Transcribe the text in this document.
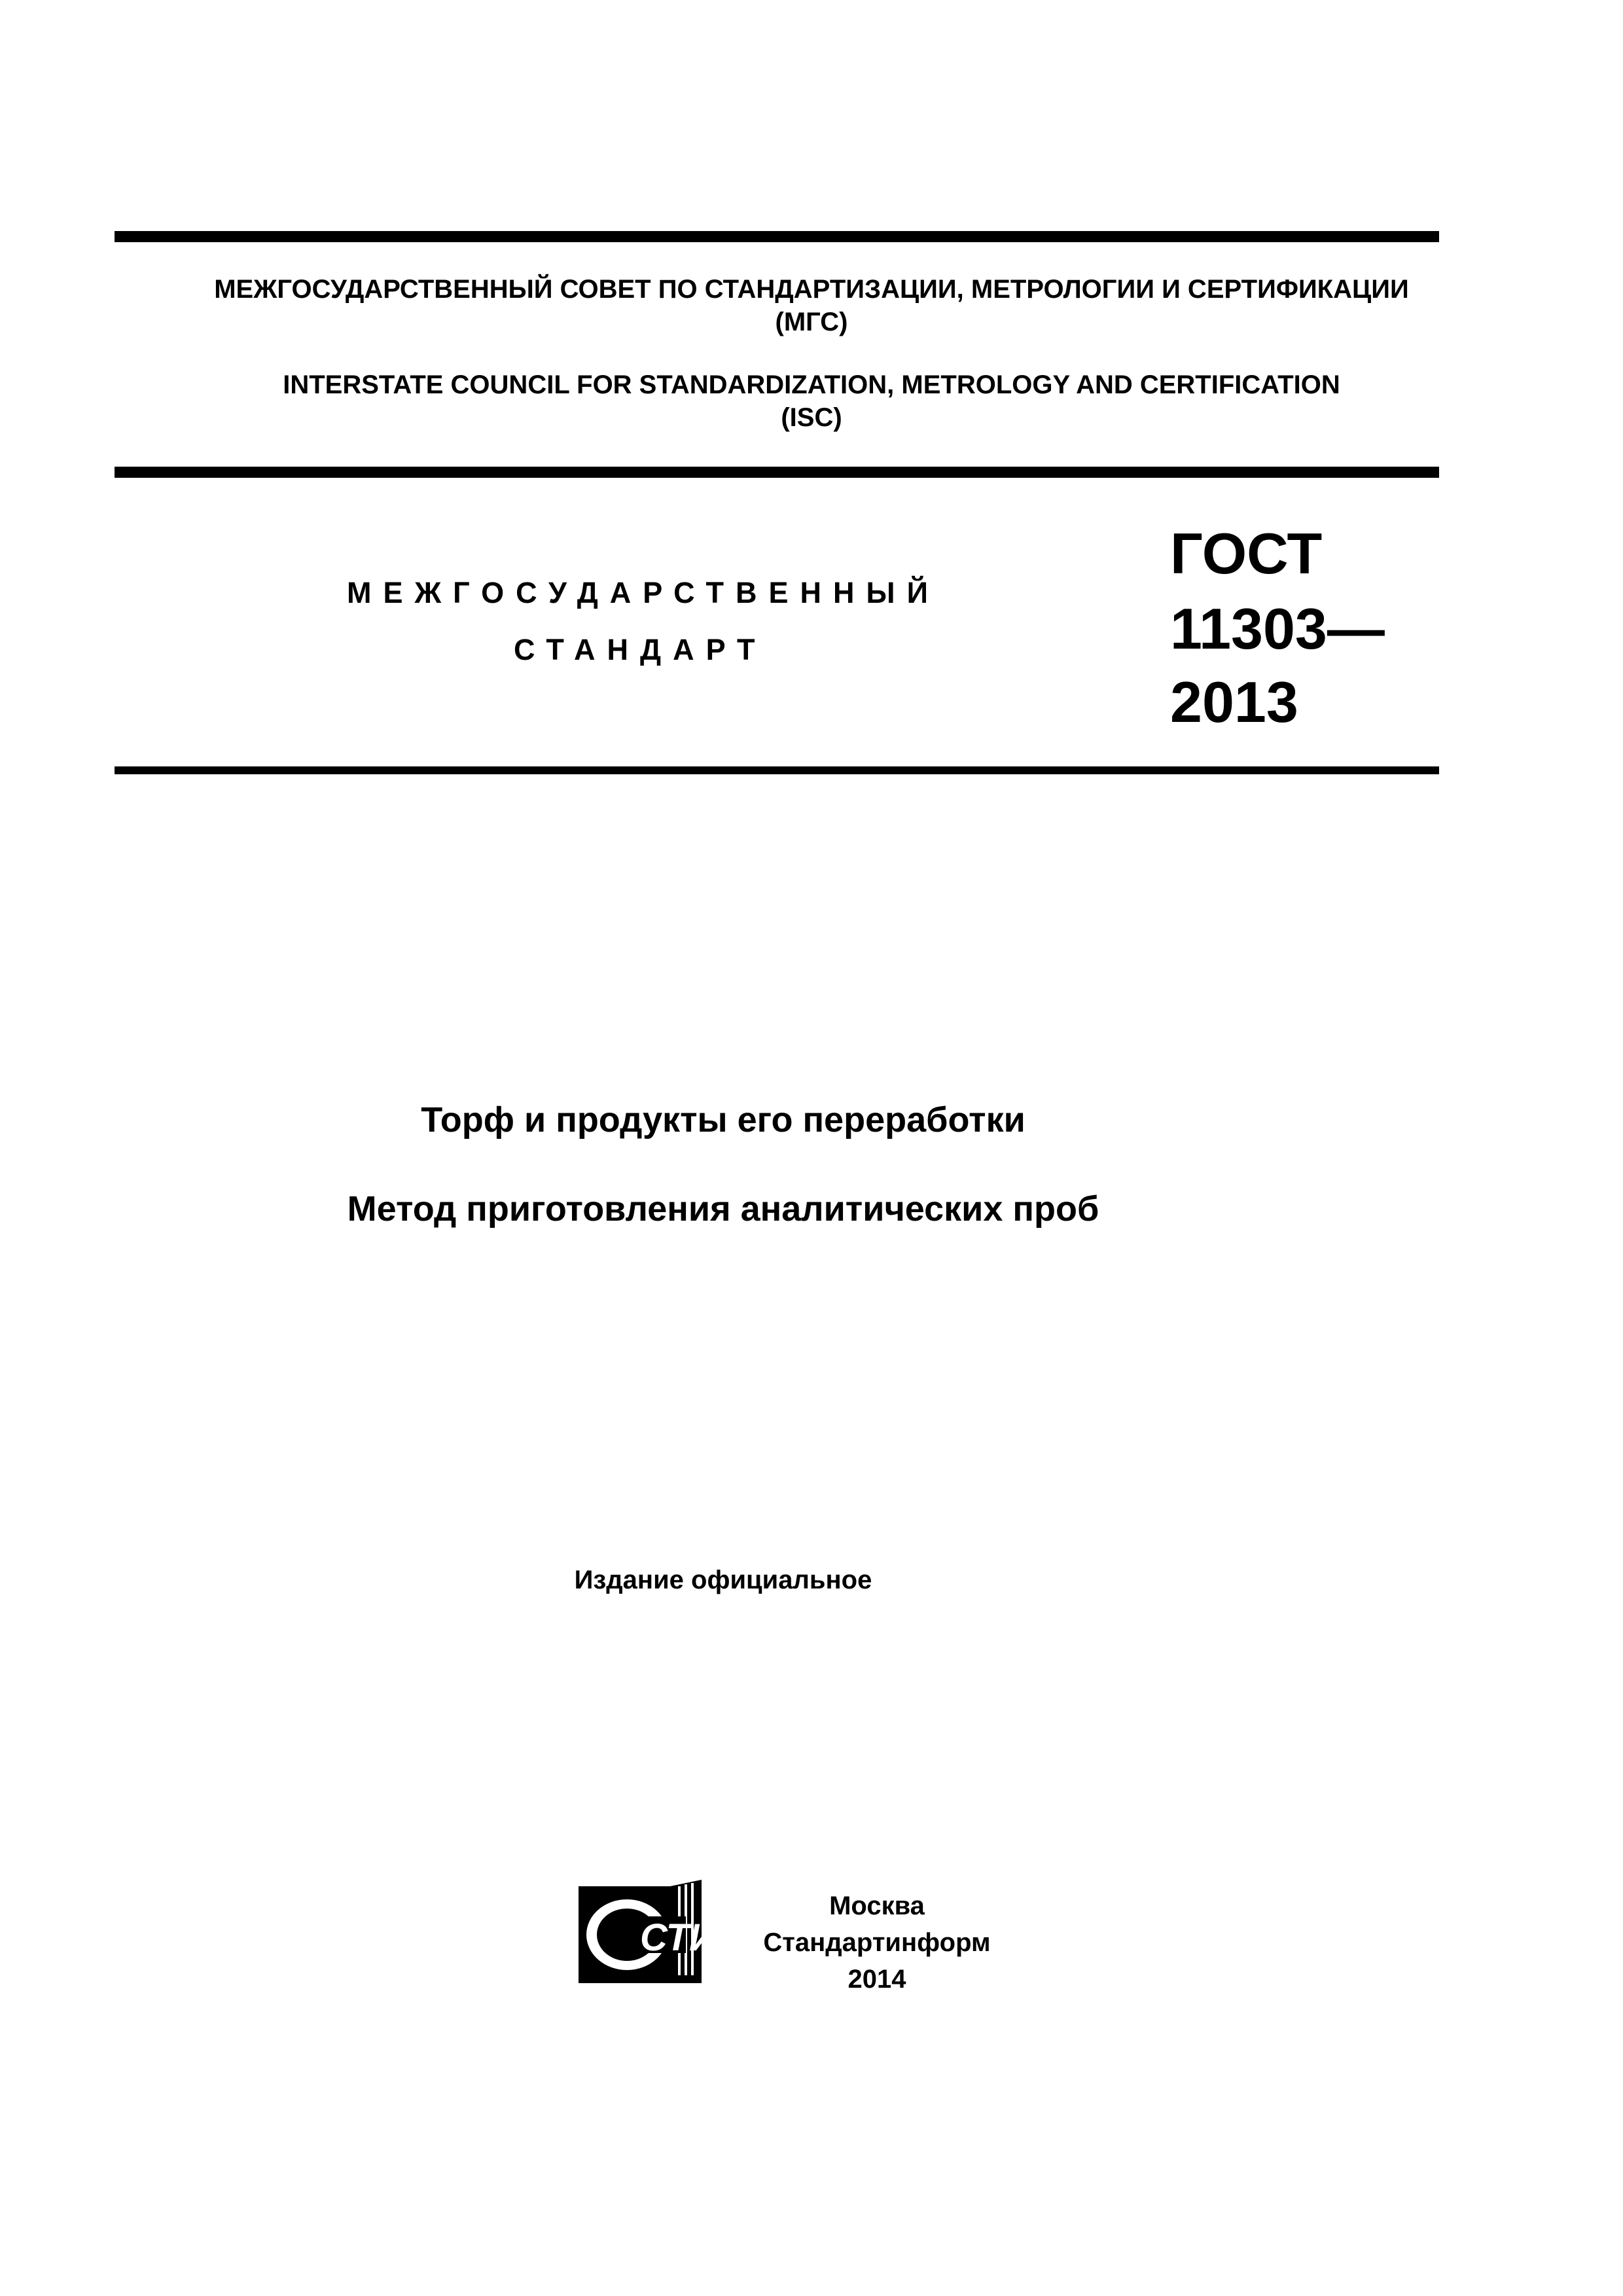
МЕЖГОСУДАРСТВЕННЫЙ СОВЕТ ПО СТАНДАРТИЗАЦИИ, МЕТРОЛОГИИ И СЕРТИФИКАЦИИ
(МГС)
INTERSTATE COUNCIL FOR STANDARDIZATION, METROLOGY AND CERTIFICATION
(ISC)
МЕЖГОСУДАРСТВЕННЫЙ
СТАНДАРТ
ГОСТ
11303—
2013
Торф и продукты его переработки
Метод приготовления аналитических проб
Издание официальное
СТИ
Москва
Стандартинформ
2014
